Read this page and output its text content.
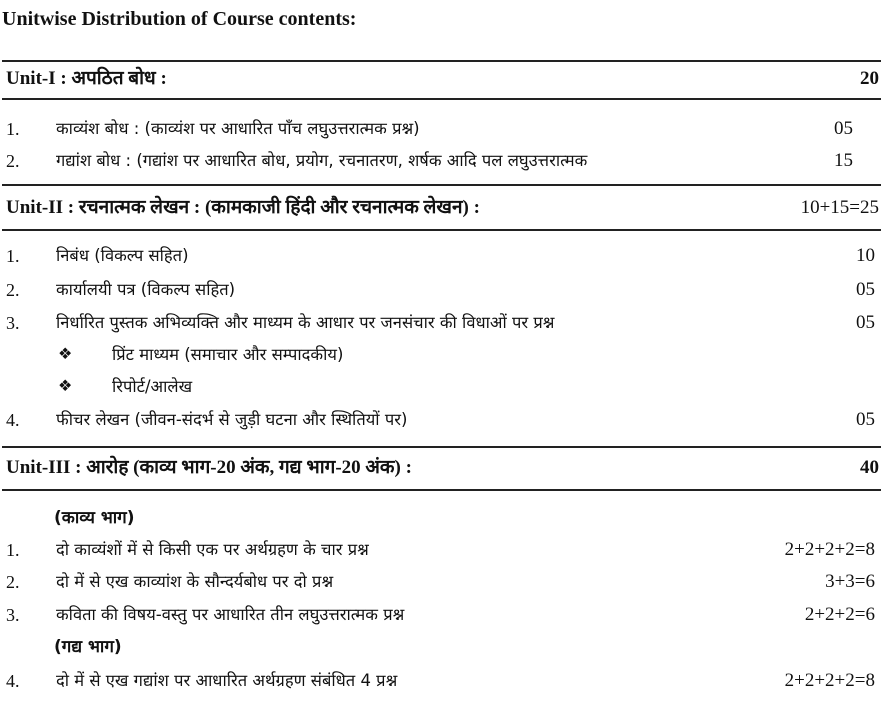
Unitwise Distribution of Course contents:
Unit-I : अपठित बोध :	20
1. काव्यंश बोध : (काव्यंश पर आधारित पाँच लघुउत्तरात्मक प्रश्न)	05
2. गद्यांश बोध : (गद्यांश पर आधारित बोध, प्रयोग, रचनातरण, शर्षक आदि पल लघुउत्तरात्मक	15
Unit-II : रचनात्मक लेखन : (कामकाजी हिंदी और रचनात्मक लेखन) :	10+15=25
1. निबंध (विकल्प सहित)	10
2. कार्यालयी पत्र (विकल्प सहित)	05
3. निर्धारित पुस्तक अभिव्यक्ति और माध्यम के आधार पर जनसंचार की विधाओं पर प्रश्न	05
❖ प्रिंट माध्यम (समाचार और सम्पादकीय)
❖ रिपोर्ट/आलेख
4. फीचर लेखन (जीवन-संदर्भ से जुड़ी घटना और स्थितियों पर)	05
Unit-III : आरोह (काव्य भाग-20 अंक, गद्य भाग-20 अंक) :	40
(काव्य भाग)
1. दो काव्यंशों में से किसी एक पर अर्थग्रहण के चार प्रश्न	2+2+2+2=8
2. दो में से एख काव्यांश के सौन्दर्यबोध पर दो प्रश्न	3+3=6
3. कविता की विषय-वस्तु पर आधारित तीन लघुउत्तरात्मक प्रश्न	2+2+2=6
(गद्य भाग)
4. दो में से एख गद्यांश पर आधारित अर्थग्रहण संबंधित 4 प्रश्न	2+2+2+2=8
